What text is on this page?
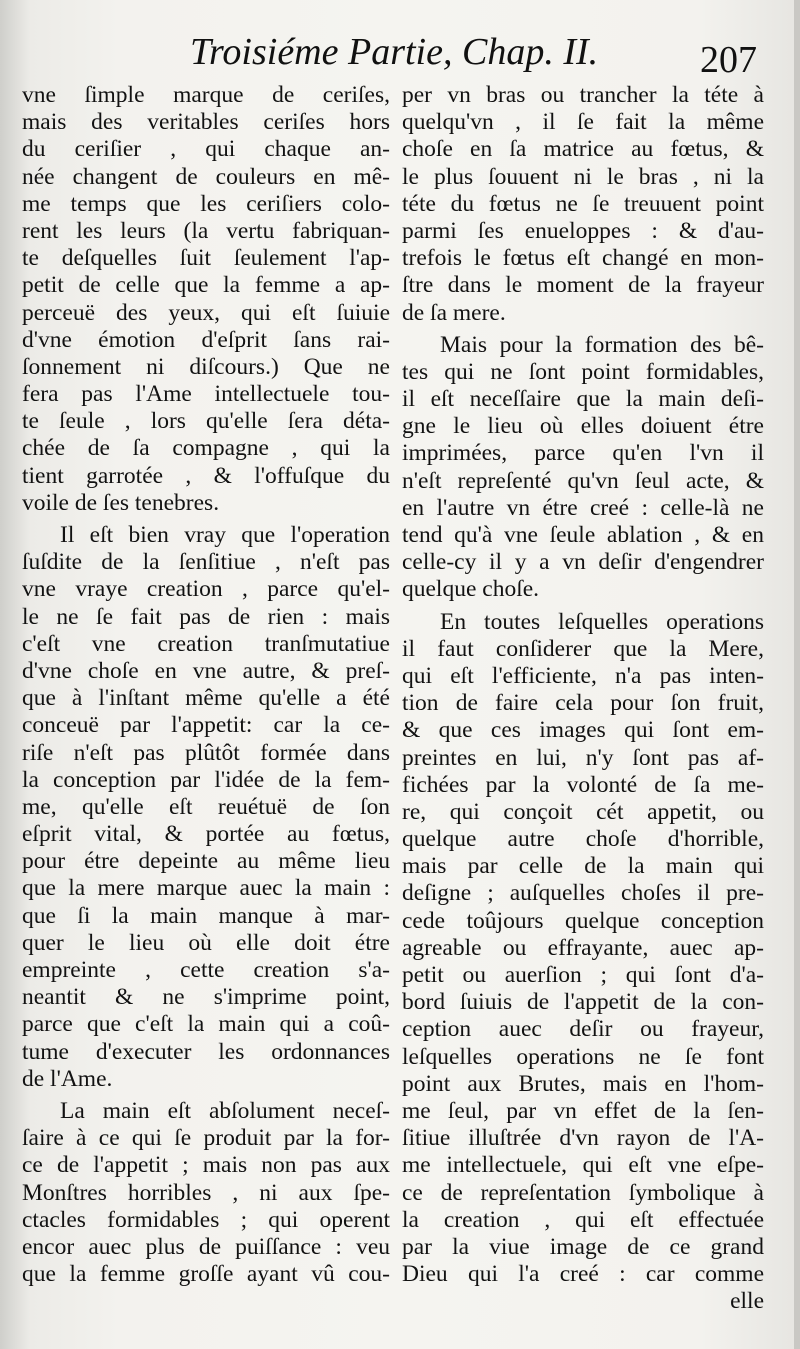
Troisiéme Partie, Chap. II.	207
vne ſimple marque de ceriſes,
mais des veritables ceriſes hors
du ceriſier , qui chaque an-
née changent de couleurs en mê-
me temps que les ceriſiers colo-
rent les leurs (la vertu fabriquan-
te deſquelles ſuit ſeulement l'ap-
petit de celle que la femme a ap-
perceuë des yeux, qui eſt ſuiuie
d'vne émotion d'eſprit ſans rai-
ſonnement ni diſcours.) Que ne
fera pas l'Ame intellectuele tou-
te ſeule , lors qu'elle ſera déta-
chée de ſa compagne , qui la
tient garrotée , & l'offuſque du
voile de ſes tenebres.
Il eſt bien vray que l'operation
ſuſdite de la ſenſitiue , n'eſt pas
vne vraye creation , parce qu'el-
le ne ſe fait pas de rien : mais
c'eſt vne creation tranſmutatiue
d'vne choſe en vne autre, & preſ-
que à l'inſtant même qu'elle a été
conceuë par l'appetit: car la ce-
riſe n'eſt pas plûtôt formée dans
la conception par l'idée de la fem-
me, qu'elle eſt reuétuë de ſon
eſprit vital, & portée au fœtus,
pour étre depeinte au même lieu
que la mere marque auec la main :
que ſi la main manque à mar-
quer le lieu où elle doit étre
empreinte , cette creation s'a-
neantit & ne s'imprime point,
parce que c'eſt la main qui a coû-
tume d'executer les ordonnances
de l'Ame.
La main eſt abſolument neceſ-
ſaire à ce qui ſe produit par la for-
ce de l'appetit ; mais non pas aux
Monſtres horribles , ni aux ſpe-
ctacles formidables ; qui operent
encor auec plus de puiſſance : veu
que la femme groſſe ayant vû cou-
per vn bras ou trancher la téte à
quelqu'vn , il ſe fait la même
choſe en ſa matrice au fœtus, &
le plus ſouuent ni le bras , ni la
téte du fœtus ne ſe treuuent point
parmi ſes enueloppes : & d'au-
trefois le fœtus eſt changé en mon-
ſtre dans le moment de la frayeur
de ſa mere.
Mais pour la formation des bê-
tes qui ne ſont point formidables,
il eſt neceſſaire que la main deſi-
gne le lieu où elles doiuent étre
imprimées, parce qu'en l'vn il
n'eſt repreſenté qu'vn ſeul acte, &
en l'autre vn étre creé : celle-là ne
tend qu'à vne ſeule ablation , & en
celle-cy il y a vn deſir d'engendrer
quelque choſe.
En toutes leſquelles operations
il faut conſiderer que la Mere,
qui eſt l'efficiente, n'a pas inten-
tion de faire cela pour ſon fruit,
& que ces images qui ſont em-
preintes en lui, n'y ſont pas af-
fichées par la volonté de ſa me-
re, qui conçoit cét appetit, ou
quelque autre choſe d'horrible,
mais par celle de la main qui
deſigne ; auſquelles choſes il pre-
cede toûjours quelque conception
agreable ou effrayante, auec ap-
petit ou auerſion ; qui ſont d'a-
bord ſuiuis de l'appetit de la con-
ception auec deſir ou frayeur,
leſquelles operations ne ſe font
point aux Brutes, mais en l'hom-
me ſeul, par vn effet de la ſen-
ſitiue illuſtrée d'vn rayon de l'A-
me intellectuele, qui eſt vne eſpe-
ce de repreſentation ſymbolique à
la creation , qui eſt effectuée
par la viue image de ce grand
Dieu qui l'a creé : car comme
elle
